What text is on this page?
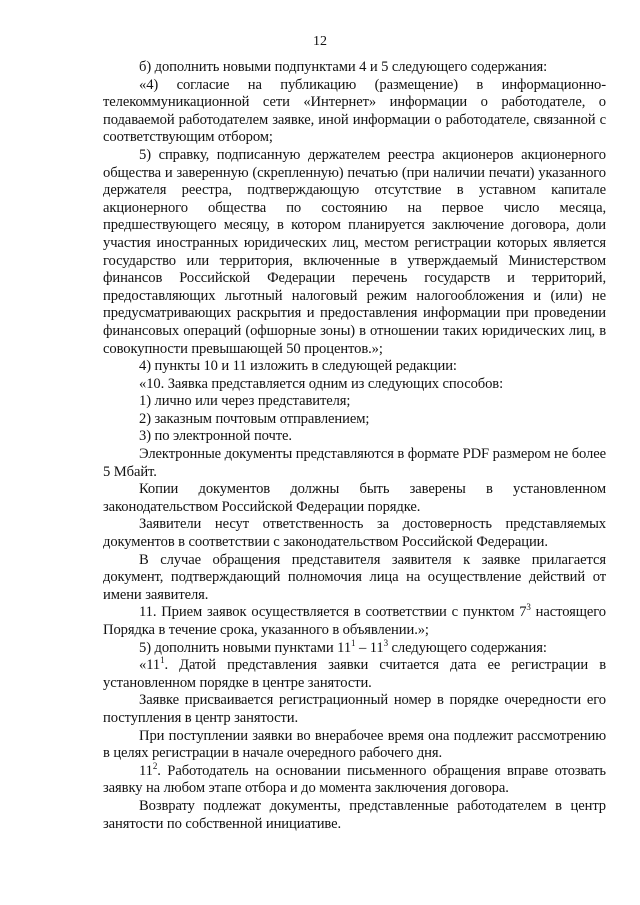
12

б) дополнить новыми подпунктами 4 и 5 следующего содержания:

«4) согласие на публикацию (размещение) в информационно-телекоммуникационной сети «Интернет» информации о работодателе, о подаваемой работодателем заявке, иной информации о работодателе, связанной с соответствующим отбором;

5) справку, подписанную держателем реестра акционеров акционерного общества и заверенную (скрепленную) печатью (при наличии печати) указанного держателя реестра, подтверждающую отсутствие в уставном капитале акционерного общества по состоянию на первое число месяца, предшествующего месяцу, в котором планируется заключение договора, доли участия иностранных юридических лиц, местом регистрации которых является государство или территория, включенные в утверждаемый Министерством финансов Российской Федерации перечень государств и территорий, предоставляющих льготный налоговый режим налогообложения и (или) не предусматривающих раскрытия и предоставления информации при проведении финансовых операций (офшорные зоны) в отношении таких юридических лиц, в совокупности превышающей 50 процентов.»;

4) пункты 10 и 11 изложить в следующей редакции:

«10. Заявка представляется одним из следующих способов:

1) лично или через представителя;

2) заказным почтовым отправлением;

3) по электронной почте.

Электронные документы представляются в формате PDF размером не более 5 Мбайт.

Копии документов должны быть заверены в установленном законодательством Российской Федерации порядке.

Заявители несут ответственность за достоверность представляемых документов в соответствии с законодательством Российской Федерации.

В случае обращения представителя заявителя к заявке прилагается документ, подтверждающий полномочия лица на осуществление действий от имени заявителя.

11. Прием заявок осуществляется в соответствии с пунктом $7^3$ настоящего Порядка в течение срока, указанного в объявлении.»;

5) дополнить новыми пунктами $11^1 - 11^3$ следующего содержания:

«$11^1$. Датой представления заявки считается дата ее регистрации в установленном порядке в центре занятости.

Заявке присваивается регистрационный номер в порядке очередности его поступления в центр занятости.

При поступлении заявки во внерабочее время она подлежит рассмотрению в целях регистрации в начале очередного рабочего дня.

$11^2$. Работодатель на основании письменного обращения вправе отозвать заявку на любом этапе отбора и до момента заключения договора.

Возврату подлежат документы, представленные работодателем в центр занятости по собственной инициативе.
